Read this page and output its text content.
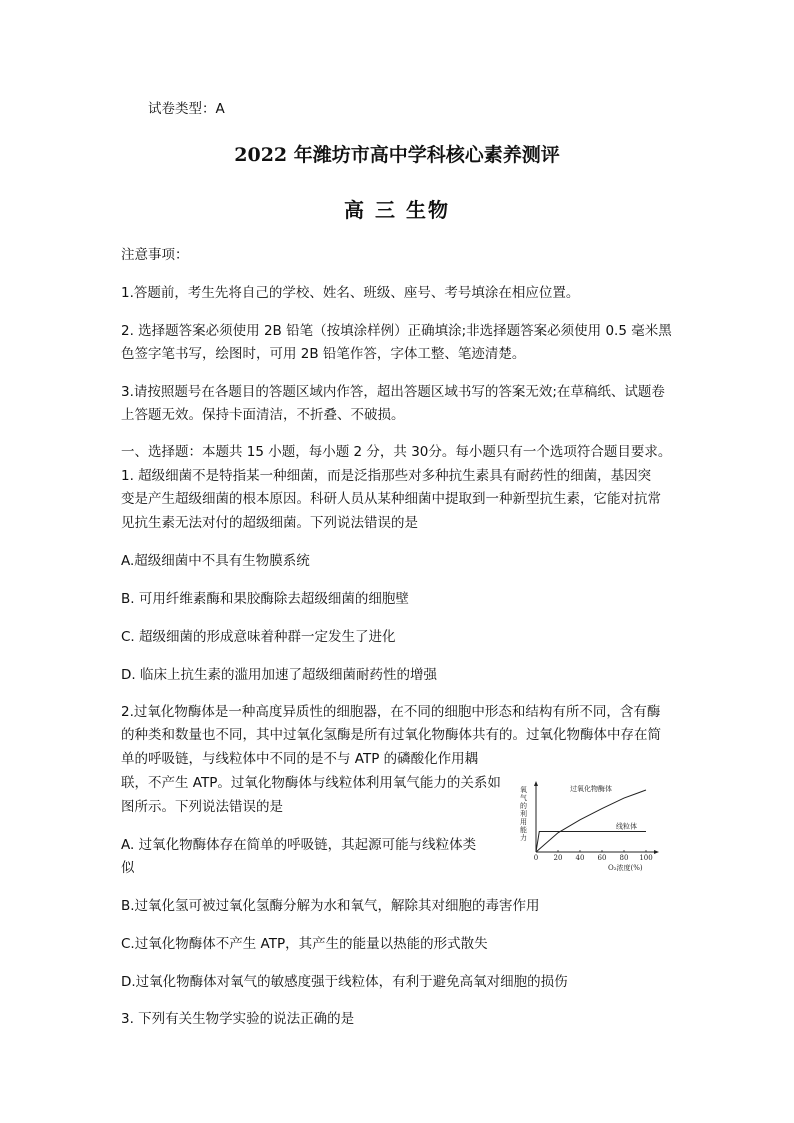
试卷类型：A
2022 年潍坊市高中学科核心素养测评
高 三 生物
注意事项：
1.答题前，考生先将自己的学校、姓名、班级、座号、考号填涂在相应位置。
2. 选择题答案必须使用 2B 铅笔（按填涂样例）正确填涂;非选择题答案必须使用 0.5 毫米黑
色签字笔书写，绘图时，可用 2B 铅笔作答，字体工整、笔迹清楚。
3.请按照题号在各题目的答题区域内作答，超出答题区域书写的答案无效;在草稿纸、试题卷
上答题无效。保持卡面清洁，不折叠、不破损。
一、选择题：本题共 15 小题，每小题 2 分，共 30分。每小题只有一个选项符合题目要求。
1. 超级细菌不是特指某一种细菌，而是泛指那些对多种抗生素具有耐药性的细菌，基因突
变是产生超级细菌的根本原因。科研人员从某种细菌中提取到一种新型抗生素，它能对抗常
见抗生素无法对付的超级细菌。下列说法错误的是
A.超级细菌中不具有生物膜系统
B. 可用纤维素酶和果胶酶除去超级细菌的细胞壁
C. 超级细菌的形成意味着种群一定发生了进化
D. 临床上抗生素的滥用加速了超级细菌耐药性的增强
2.过氧化物酶体是一种高度异质性的细胞器，在不同的细胞中形态和结构有所不同，含有酶
的种类和数量也不同，其中过氧化氢酶是所有过氧化物酶体共有的。过氧化物酶体中存在简
单的呼吸链，与线粒体中不同的是不与 ATP 的磷酸化作用耦
联，不产生 ATP。过氧化物酶体与线粒体利用氧气能力的关系如
图所示。下列说法错误的是
A. 过氧化物酶体存在简单的呼吸链，其起源可能与线粒体类
似
B.过氧化氢可被过氧化氢酶分解为水和氧气，解除其对细胞的毒害作用
C.过氧化物酶体不产生 ATP，其产生的能量以热能的形式散失
D.过氧化物酶体对氧气的敏感度强于线粒体，有利于避免高氧对细胞的损伤
3. 下列有关生物学实验的说法正确的是
氧
气
的
利
用
能
力
O₂浓度(%)
0 20 40 60 80 100
过氧化物酶体
线粒体
